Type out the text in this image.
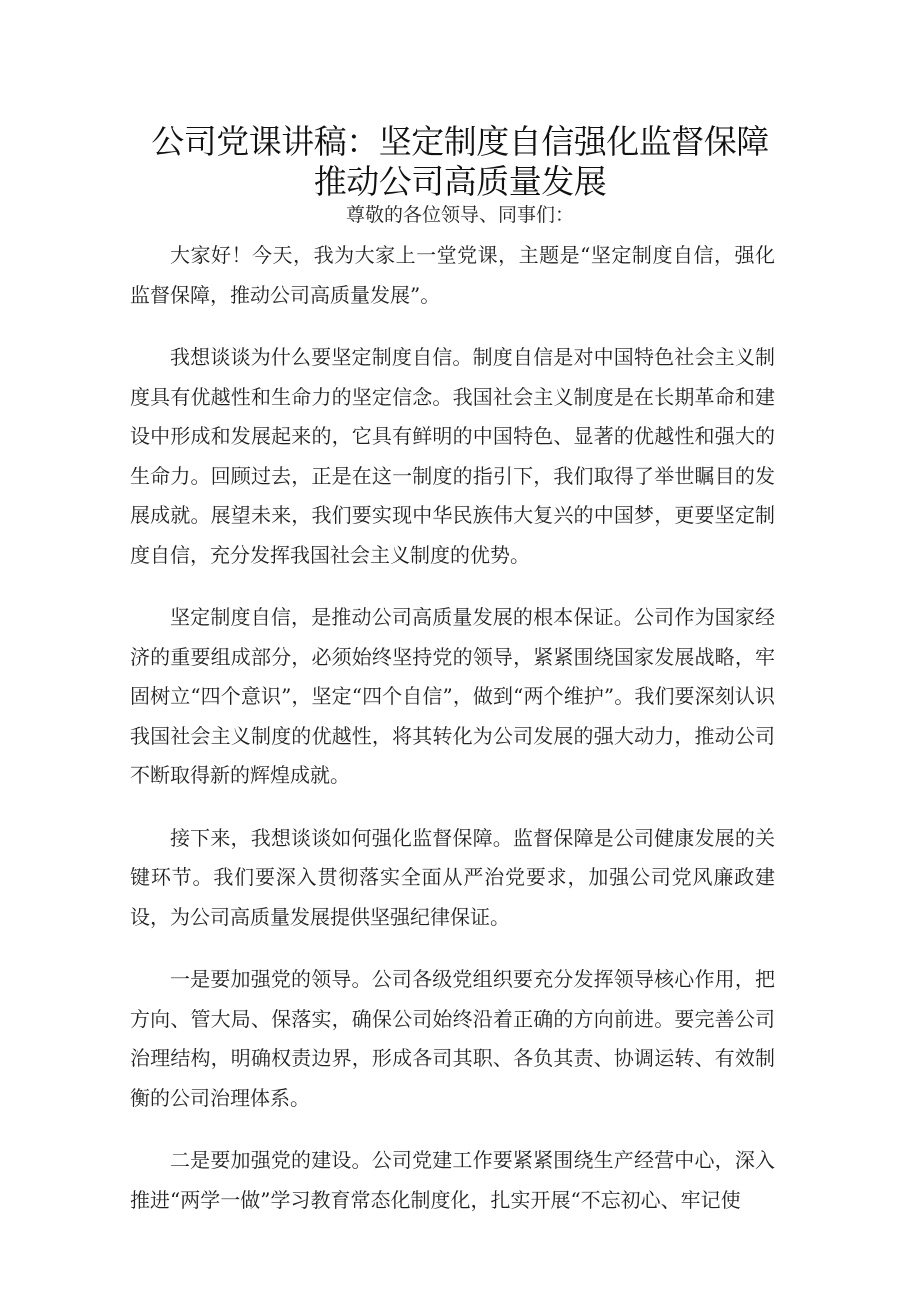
公司党课讲稿：坚定制度自信强化监督保障
推动公司高质量发展
尊敬的各位领导、同事们：

大家好！今天，我为大家上一堂党课，主题是“坚定制度自信，强化监督保障，推动公司高质量发展”。

我想谈谈为什么要坚定制度自信。制度自信是对中国特色社会主义制度具有优越性和生命力的坚定信念。我国社会主义制度是在长期革命和建设中形成和发展起来的，它具有鲜明的中国特色、显著的优越性和强大的生命力。回顾过去，正是在这一制度的指引下，我们取得了举世瞩目的发展成就。展望未来，我们要实现中华民族伟大复兴的中国梦，更要坚定制度自信，充分发挥我国社会主义制度的优势。

坚定制度自信，是推动公司高质量发展的根本保证。公司作为国家经济的重要组成部分，必须始终坚持党的领导，紧紧围绕国家发展战略，牢固树立“四个意识”，坚定“四个自信”，做到“两个维护”。我们要深刻认识我国社会主义制度的优越性，将其转化为公司发展的强大动力，推动公司不断取得新的辉煌成就。

接下来，我想谈谈如何强化监督保障。监督保障是公司健康发展的关键环节。我们要深入贯彻落实全面从严治党要求，加强公司党风廉政建设，为公司高质量发展提供坚强纪律保证。

一是要加强党的领导。公司各级党组织要充分发挥领导核心作用，把方向、管大局、保落实，确保公司始终沿着正确的方向前进。要完善公司治理结构，明确权责边界，形成各司其职、各负其责、协调运转、有效制衡的公司治理体系。

二是要加强党的建设。公司党建工作要紧紧围绕生产经营中心，深入推进“两学一做”学习教育常态化制度化，扎实开展“不忘初心、牢记使
